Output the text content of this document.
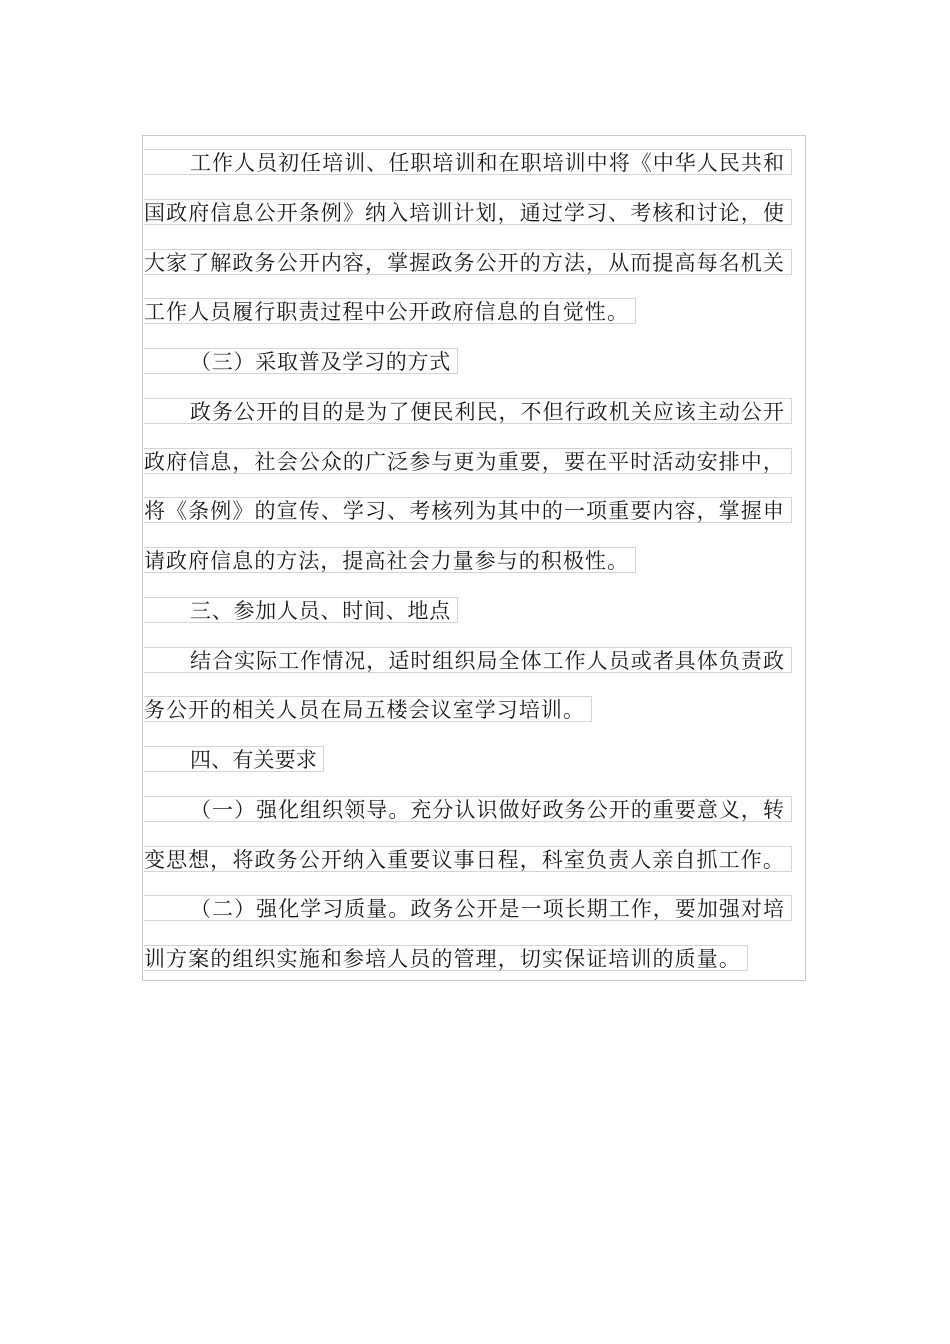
工作人员初任培训、任职培训和在职培训中将《中华人民共和
国政府信息公开条例》纳入培训计划，通过学习、考核和讨论，使
大家了解政务公开内容，掌握政务公开的方法，从而提高每名机关
工作人员履行职责过程中公开政府信息的自觉性。
（三）采取普及学习的方式
政务公开的目的是为了便民利民，不但行政机关应该主动公开
政府信息，社会公众的广泛参与更为重要，要在平时活动安排中，
将《条例》的宣传、学习、考核列为其中的一项重要内容，掌握申
请政府信息的方法，提高社会力量参与的积极性。
三、参加人员、时间、地点
结合实际工作情况，适时组织局全体工作人员或者具体负责政
务公开的相关人员在局五楼会议室学习培训。
四、有关要求
（一）强化组织领导。充分认识做好政务公开的重要意义，转
变思想，将政务公开纳入重要议事日程，科室负责人亲自抓工作。
（二）强化学习质量。政务公开是一项长期工作，要加强对培
训方案的组织实施和参培人员的管理，切实保证培训的质量。
